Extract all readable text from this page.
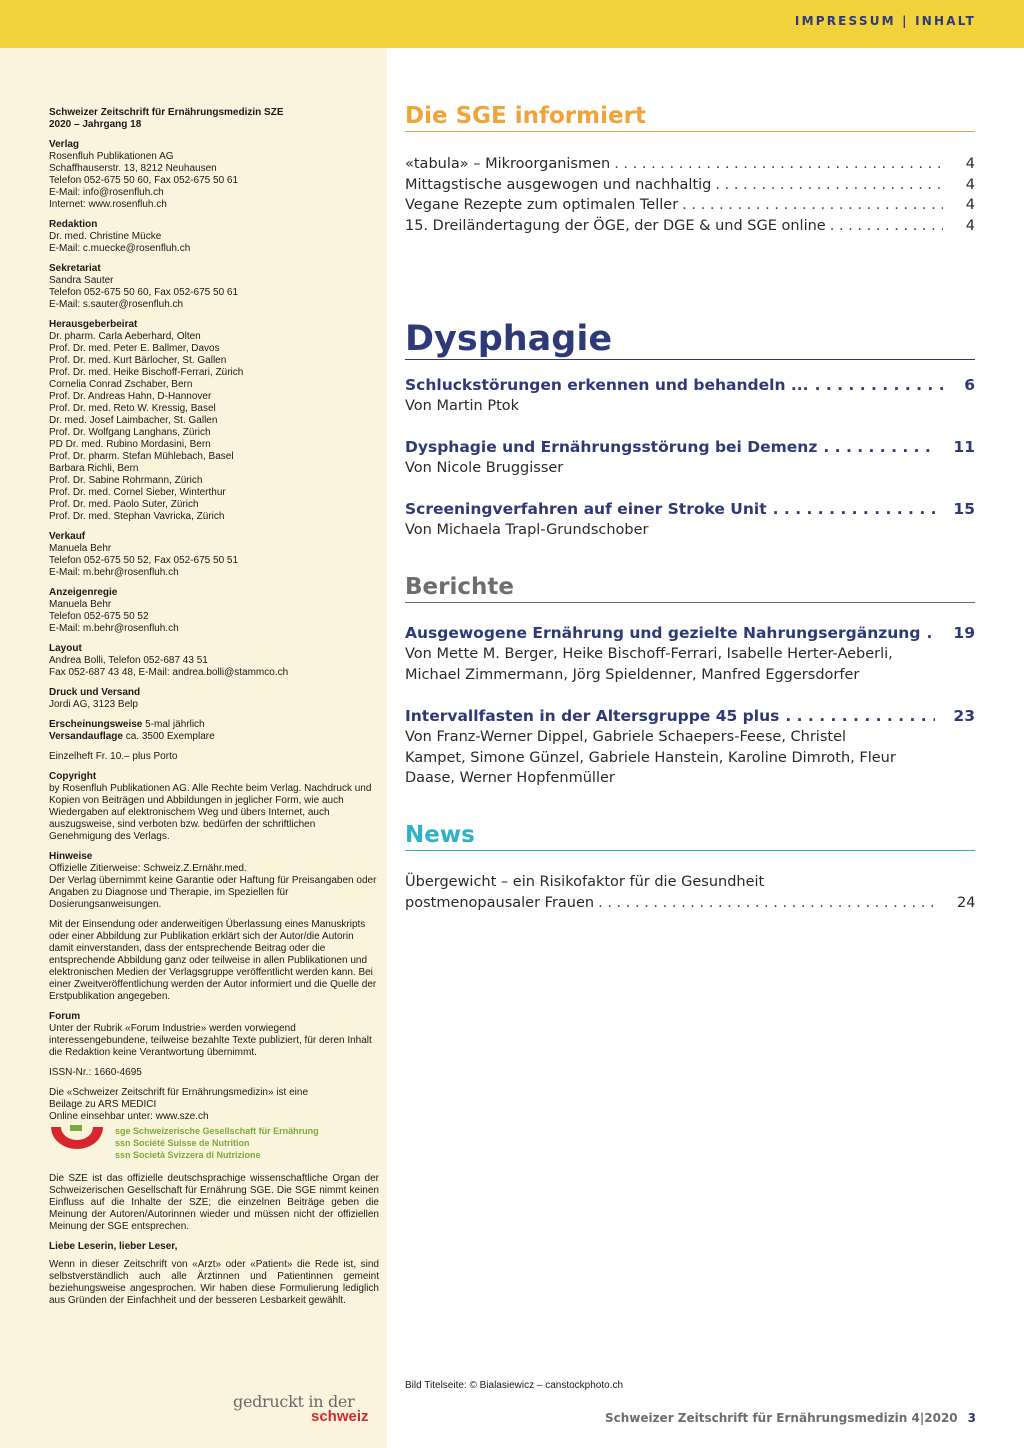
IMPRESSUM | INHALT
Schweizer Zeitschrift für Ernährungsmedizin SZE
2020 – Jahrgang 18
Verlag
Rosenfluh Publikationen AG
Schaffhauserstr. 13, 8212 Neuhausen
Telefon 052-675 50 60, Fax 052-675 50 61
E-Mail: info@rosenfluh.ch
Internet: www.rosenfluh.ch
Redaktion
Dr. med. Christine Mücke
E-Mail: c.muecke@rosenfluh.ch
Sekretariat
Sandra Sauter
Telefon 052-675 50 60, Fax 052-675 50 61
E-Mail: s.sauter@rosenfluh.ch
Herausgeberbeirat
Dr. pharm. Carla Aeberhard, Olten
Prof. Dr. med. Peter E. Ballmer, Davos
Prof. Dr. med. Kurt Bärlocher, St. Gallen
Prof. Dr. med. Heike Bischoff-Ferrari, Zürich
Cornelia Conrad Zschaber, Bern
Prof. Dr. Andreas Hahn, D-Hannover
Prof. Dr. med. Reto W. Kressig, Basel
Dr. med. Josef Laimbacher, St. Gallen
Prof. Dr. Wolfgang Langhans, Zürich
PD Dr. med. Rubino Mordasini, Bern
Prof. Dr. pharm. Stefan Mühlebach, Basel
Barbara Richli, Bern
Prof. Dr. Sabine Rohrmann, Zürich
Prof. Dr. med. Cornel Sieber, Winterthur
Prof. Dr. med. Paolo Suter, Zürich
Prof. Dr. med. Stephan Vavricka, Zürich
Verkauf
Manuela Behr
Telefon 052-675 50 52, Fax 052-675 50 51
E-Mail: m.behr@rosenfluh.ch
Anzeigenregie
Manuela Behr
Telefon 052-675 50 52
E-Mail: m.behr@rosenfluh.ch
Layout
Andrea Bolli, Telefon 052-687 43 51
Fax 052-687 43 48, E-Mail: andrea.bolli@stammco.ch
Druck und Versand
Jordi AG, 3123 Belp
Erscheinungsweise 5-mal jährlich
Versandauflage ca. 3500 Exemplare
Einzelheft Fr. 10.– plus Porto
Copyright
by Rosenfluh Publikationen AG. Alle Rechte beim Verlag. Nachdruck und Kopien von Beiträgen und Abbildungen in jeglicher Form, wie auch Wiedergaben auf elektronischem Weg und übers Internet, auch auszugsweise, sind verboten bzw. bedürfen der schriftlichen Genehmigung des Verlags.
Hinweise
Offizielle Zitierweise: Schweiz.Z.Ernähr.med.
Der Verlag übernimmt keine Garantie oder Haftung für Preisangaben oder Angaben zu Diagnose und Therapie, im Speziellen für Dosierungsanweisungen.
Mit der Einsendung oder anderweitigen Überlassung eines Manuskripts oder einer Abbildung zur Publikation erklärt sich der Autor/die Autorin damit einverstanden, dass der entsprechende Beitrag oder die entsprechende Abbildung ganz oder teilweise in allen Publikationen und elektronischen Medien der Verlagsgruppe veröffentlicht werden kann. Bei einer Zweitveröffentlichung werden der Autor informiert und die Quelle der Erstpublikation angegeben.
Forum
Unter der Rubrik «Forum Industrie» werden vorwiegend interessengebundene, teilweise bezahlte Texte publiziert, für deren Inhalt die Redaktion keine Verantwortung übernimmt.
ISSN-Nr.: 1660-4695
Die «Schweizer Zeitschrift für Ernährungsmedizin» ist eine
Beilage zu ARS MEDICI
Online einsehbar unter: www.sze.ch
sge Schweizerische Gesellschaft für Ernährung
ssn Société Suisse de Nutrition
ssn Società Svizzera di Nutrizione
Die SZE ist das offizielle deutschsprachige wissenschaftliche Organ der Schweizerischen Gesellschaft für Ernährung SGE. Die SGE nimmt keinen Einfluss auf die Inhalte der SZE; die einzelnen Beiträge geben die Meinung der Autoren/Autorinnen wieder und müssen nicht der offiziellen Meinung der SGE entsprechen.
Liebe Leserin, lieber Leser,
Wenn in dieser Zeitschrift von «Arzt» oder «Patient» die Rede ist, sind selbstverständlich auch alle Ärztinnen und Patientinnen gemeint beziehungsweise angesprochen. Wir haben diese Formulierung lediglich aus Gründen der Einfachheit und der besseren Lesbarkeit gewählt.
gedruckt in der
schweiz
Die SGE informiert
«tabula» – Mikroorganismen . . .	4
Mittagstische ausgewogen und nachhaltig . . .	4
Vegane Rezepte zum optimalen Teller . . .	4
15. Dreiländertagung der ÖGE, der DGE & und SGE online . . .	4
Dysphagie
Schluckstörungen erkennen und behandeln ... . . .	6
Von Martin Ptok
Dysphagie und Ernährungsstörung bei Demenz . . .	11
Von Nicole Bruggisser
Screeningverfahren auf einer Stroke Unit . . .	15
Von Michaela Trapl-Grundschober
Berichte
Ausgewogene Ernährung und gezielte Nahrungsergänzung . . . 19
Von Mette M. Berger, Heike Bischoff-Ferrari, Isabelle Herter-Aeberli, Michael Zimmermann, Jörg Spieldenner, Manfred Eggersdorfer
Intervallfasten in der Altersgruppe 45 plus . . .	23
Von Franz-Werner Dippel, Gabriele Schaepers-Feese, Christel Kampet, Simone Günzel, Gabriele Hanstein, Karoline Dimroth, Fleur Daase, Werner Hopfenmüller
News
Übergewicht – ein Risikofaktor für die Gesundheit
postmenopausaler Frauen . . .	24
Bild Titelseite: © Bialasiewicz – canstockphoto.ch
Schweizer Zeitschrift für Ernährungsmedizin 4|2020 3
